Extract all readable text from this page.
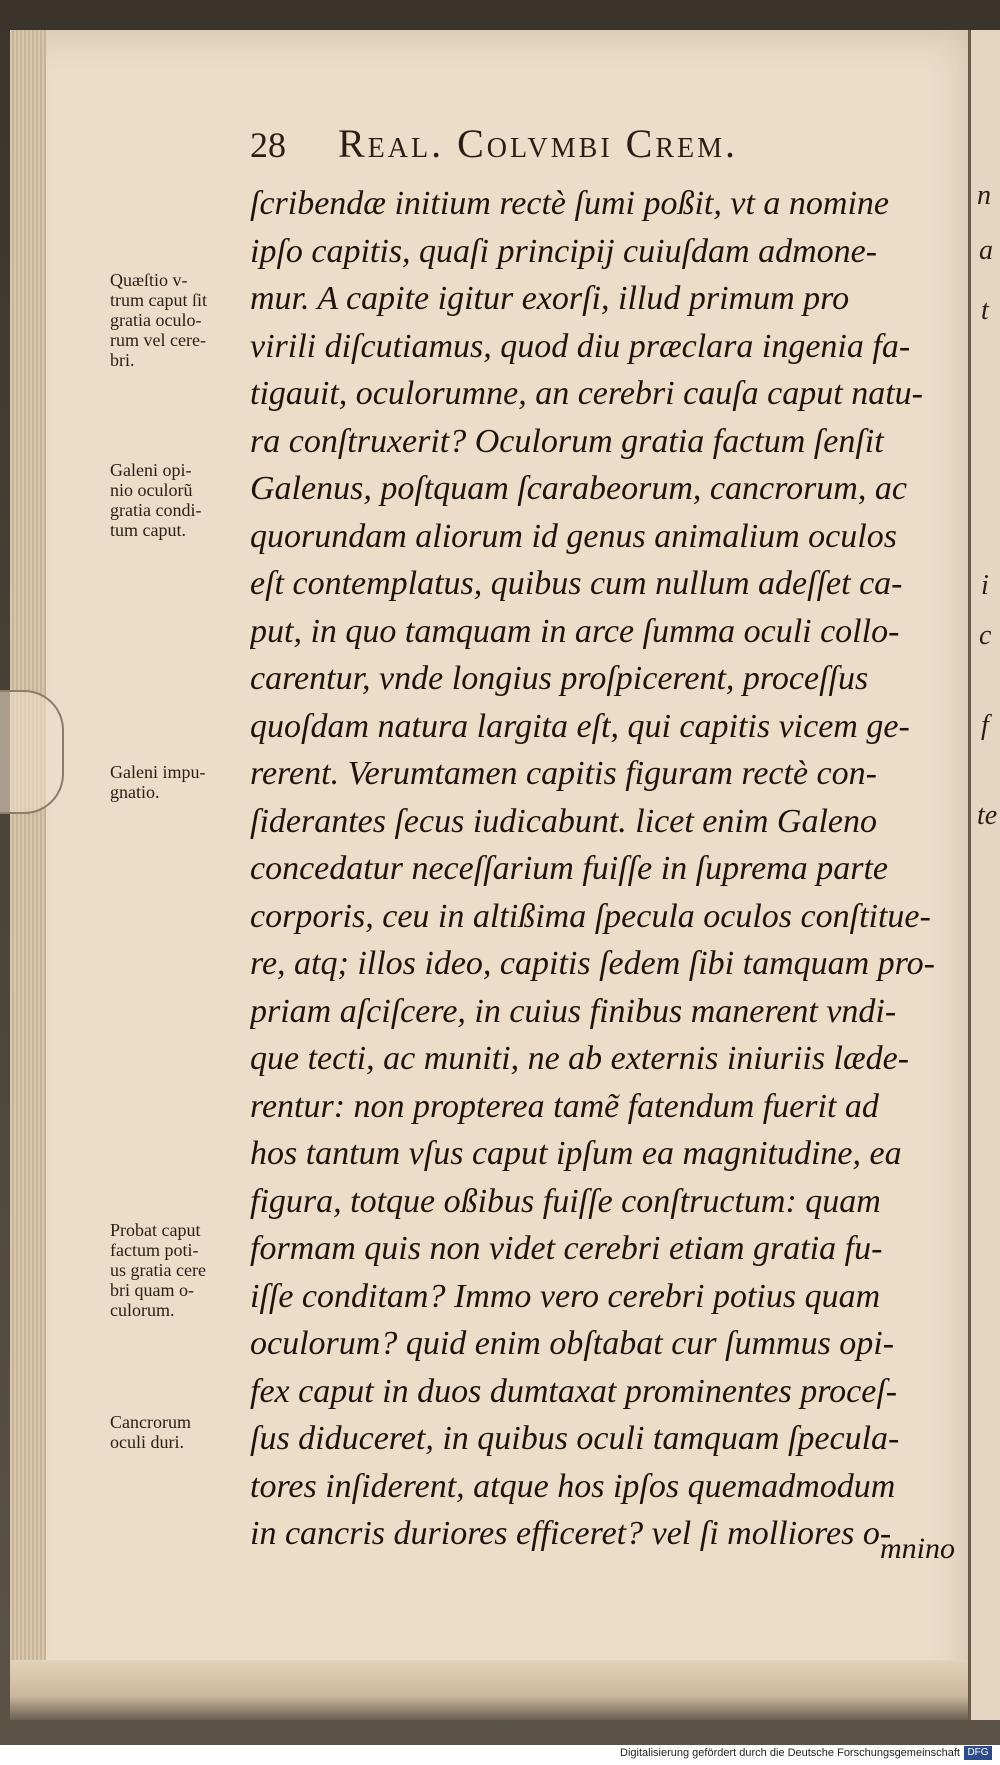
n
a
t
i
c
f
te
28 Real. Colvmbi Crem.
Quæſtio v-
trum caput ſit
gratia oculo-
rum vel cere-
bri.
Galeni opi-
nio oculorũ
gratia condi-
tum caput.
Galeni impu-
gnatio.
Probat caput
factum poti-
us gratia cere
bri quam o-
culorum.
Cancrorum
oculi duri.
ſcribendæ initium rectè ſumi poßit, vt a nomine
ipſo capitis, quaſi principij cuiuſdam admone-
mur. A capite igitur exorſi, illud primum pro
virili diſcutiamus, quod diu præclara ingenia fa-
tigauit, oculorumne, an cerebri cauſa caput natu-
ra conſtruxerit? Oculorum gratia factum ſenſit
Galenus, poſtquam ſcarabeorum, cancrorum, ac
quorundam aliorum id genus animalium oculos
eſt contemplatus, quibus cum nullum adeſſet ca-
put, in quo tamquam in arce ſumma oculi collo-
carentur, vnde longius proſpicerent, proceſſus
quoſdam natura largita eſt, qui capitis vicem ge-
rerent. Verumtamen capitis figuram rectè con-
ſiderantes ſecus iudicabunt. licet enim Galeno
concedatur neceſſarium fuiſſe in ſuprema parte
corporis, ceu in altißima ſpecula oculos conſtitue-
re, atq; illos ideo, capitis ſedem ſibi tamquam pro-
priam aſciſcere, in cuius finibus manerent vndi-
que tecti, ac muniti, ne ab externis iniuriis læde-
rentur: non propterea tamẽ fatendum fuerit ad
hos tantum vſus caput ipſum ea magnitudine, ea
figura, totque oßibus fuiſſe conſtructum: quam
formam quis non videt cerebri etiam gratia fu-
iſſe conditam? Immo vero cerebri potius quam
oculorum? quid enim obſtabat cur ſummus opi-
fex caput in duos dumtaxat prominentes proceſ-
ſus diduceret, in quibus oculi tamquam ſpecula-
tores inſiderent, atque hos ipſos quemadmodum
in cancris duriores efficeret? vel ſi molliores o-
mnino
Digitalisierung gefördert durch die Deutsche Forschungsgemeinschaft DFG
